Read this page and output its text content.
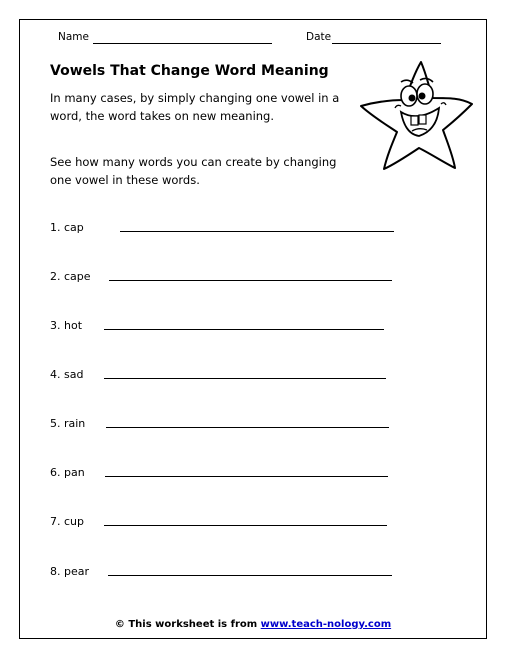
Name	Date
Vowels That Change Word Meaning
In many cases, by simply changing one vowel in a word, the word takes on new meaning.
See how many words you can create by changing one vowel in these words.
1. cap
2. cape
3. hot
4. sad
5. rain
6. pan
7. cup
8. pear
© This worksheet is from www.teach-nology.com
